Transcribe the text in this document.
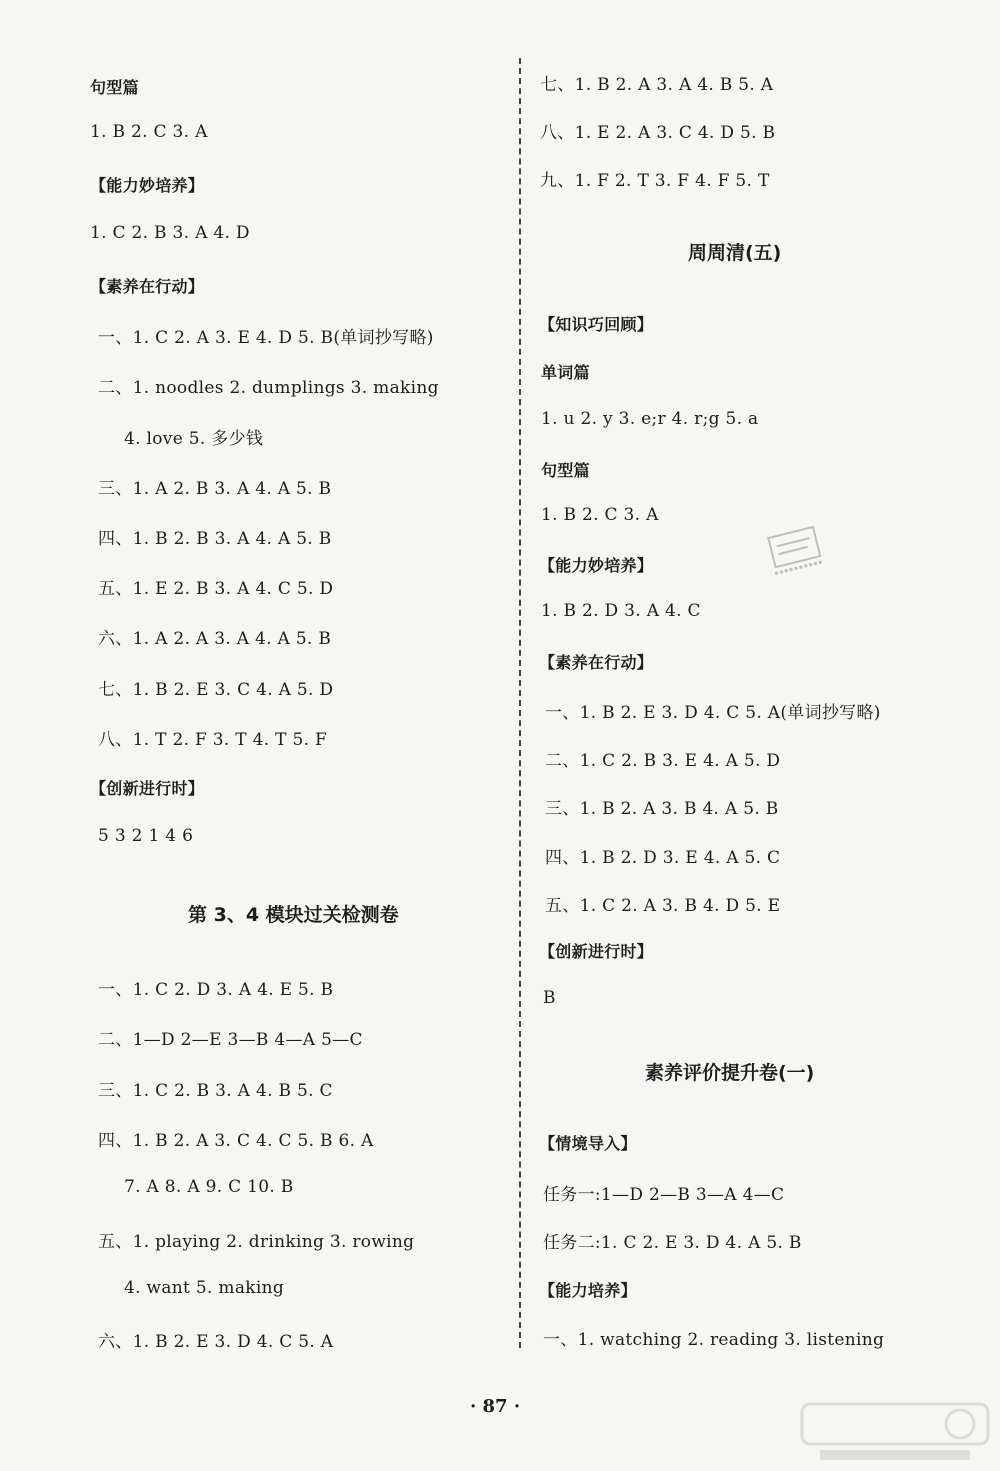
句型篇
1. B 2. C 3. A
【能力妙培养】
1. C 2. B 3. A 4. D
【素养在行动】
一、1. C 2. A 3. E 4. D 5. B(单词抄写略)
二、1. noodles 2. dumplings 3. making
4. love 5. 多少钱
三、1. A 2. B 3. A 4. A 5. B
四、1. B 2. B 3. A 4. A 5. B
五、1. E 2. B 3. A 4. C 5. D
六、1. A 2. A 3. A 4. A 5. B
七、1. B 2. E 3. C 4. A 5. D
八、1. T 2. F 3. T 4. T 5. F
【创新进行时】
5 3 2 1 4 6
第 3、4 模块过关检测卷
一、1. C 2. D 3. A 4. E 5. B
二、1—D 2—E 3—B 4—A 5—C
三、1. C 2. B 3. A 4. B 5. C
四、1. B 2. A 3. C 4. C 5. B 6. A
7. A 8. A 9. C 10. B
五、1. playing 2. drinking 3. rowing
4. want 5. making
六、1. B 2. E 3. D 4. C 5. A
七、1. B 2. A 3. A 4. B 5. A
八、1. E 2. A 3. C 4. D 5. B
九、1. F 2. T 3. F 4. F 5. T
周周清(五)
【知识巧回顾】
单词篇
1. u 2. y 3. e;r 4. r;g 5. a
句型篇
1. B 2. C 3. A
【能力妙培养】
1. B 2. D 3. A 4. C
【素养在行动】
一、1. B 2. E 3. D 4. C 5. A(单词抄写略)
二、1. C 2. B 3. E 4. A 5. D
三、1. B 2. A 3. B 4. A 5. B
四、1. B 2. D 3. E 4. A 5. C
五、1. C 2. A 3. B 4. D 5. E
【创新进行时】
B
素养评价提升卷(一)
【情境导入】
任务一:1—D 2—B 3—A 4—C
任务二:1. C 2. E 3. D 4. A 5. B
【能力培养】
一、1. watching 2. reading 3. listening
· 87 ·
